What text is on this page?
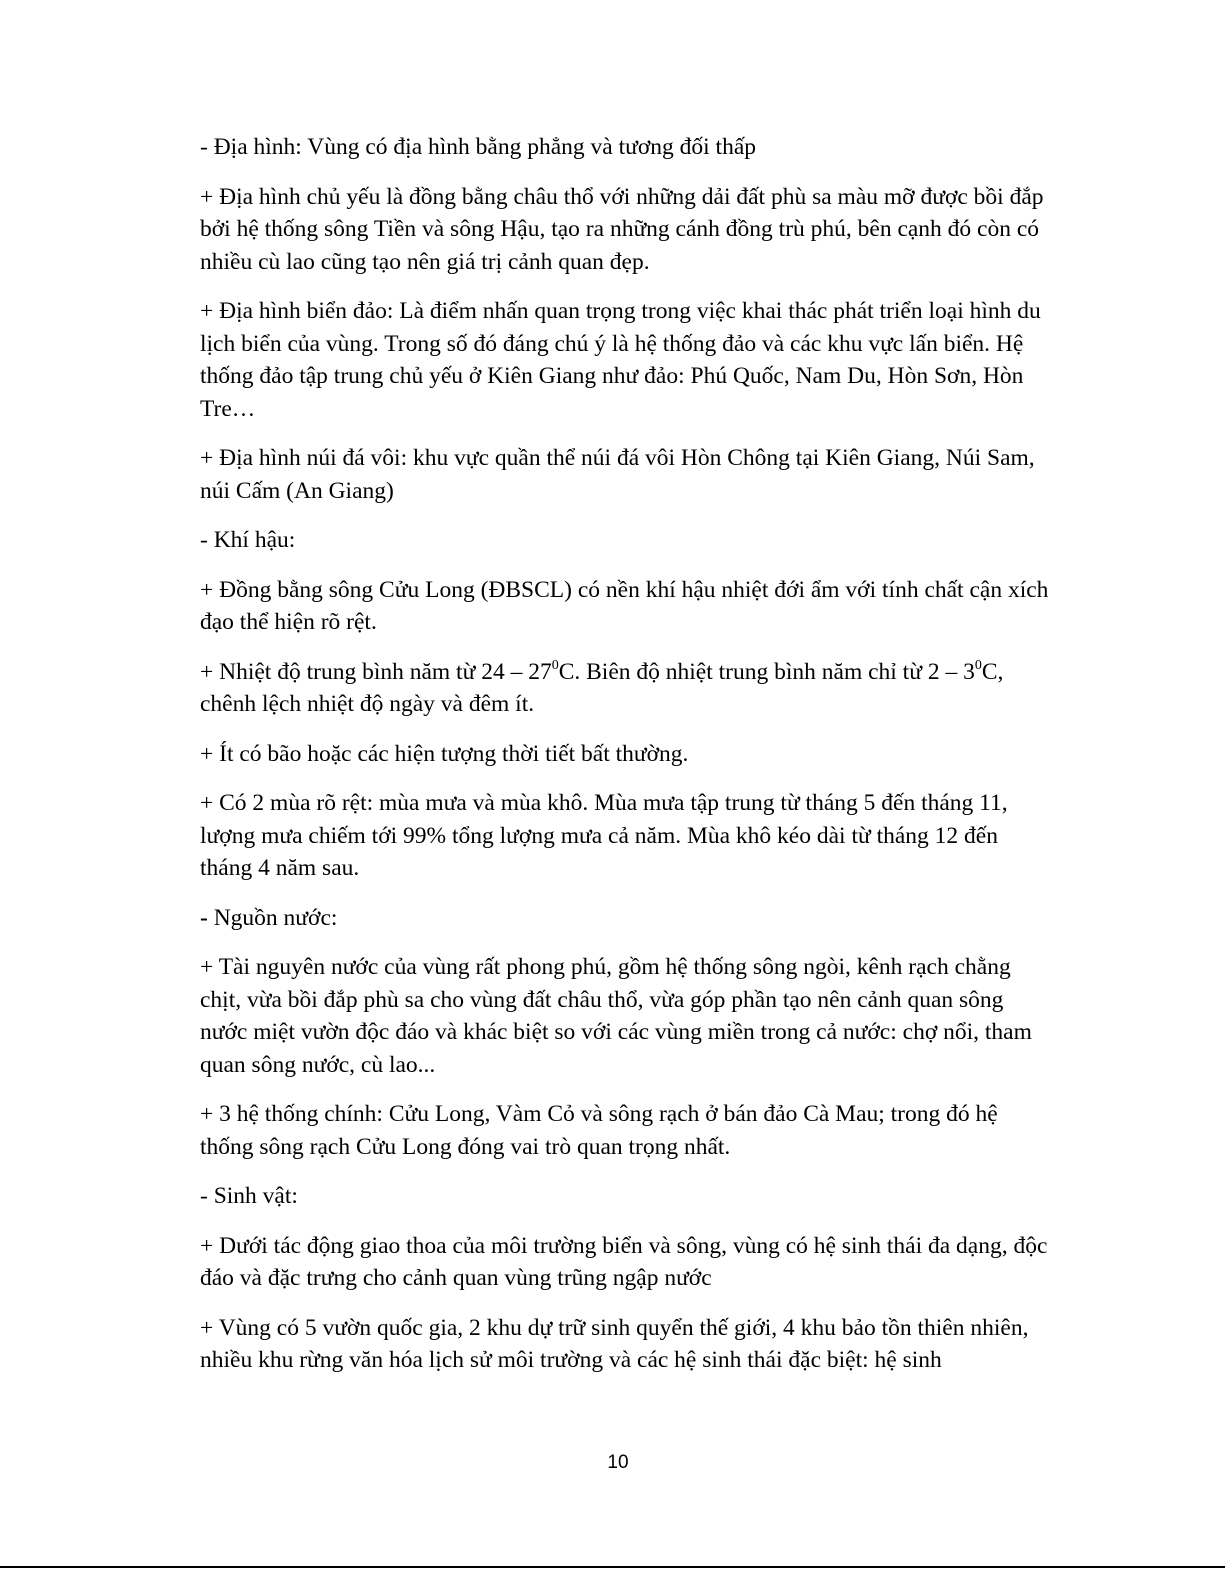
- Địa hình: Vùng có địa hình bằng phẳng và tương đối thấp

+ Địa hình chủ yếu là đồng bằng châu thổ với những dải đất phù sa màu mỡ được bồi đắp bởi hệ thống sông Tiền và sông Hậu, tạo ra những cánh đồng trù phú, bên cạnh đó còn có nhiều cù lao cũng tạo nên giá trị cảnh quan đẹp.

+ Địa hình biển đảo: Là điểm nhấn quan trọng trong việc khai thác phát triển loại hình du lịch biển của vùng. Trong số đó đáng chú ý là hệ thống đảo và các khu vực lấn biển. Hệ thống đảo tập trung chủ yếu ở Kiên Giang như đảo: Phú Quốc, Nam Du, Hòn Sơn, Hòn Tre…

+ Địa hình núi đá vôi: khu vực quần thể núi đá vôi Hòn Chông tại Kiên Giang, Núi Sam, núi Cấm (An Giang)

- Khí hậu:

+ Đồng bằng sông Cửu Long (ĐBSCL) có nền khí hậu nhiệt đới ẩm với tính chất cận xích đạo thể hiện rõ rệt.

+ Nhiệt độ trung bình năm từ $24 - 27^0C$. Biên độ nhiệt trung bình năm chỉ từ $2 - 3^0C$, chênh lệch nhiệt độ ngày và đêm ít.

+ Ít có bão hoặc các hiện tượng thời tiết bất thường.

+ Có 2 mùa rõ rệt: mùa mưa và mùa khô. Mùa mưa tập trung từ tháng 5 đến tháng 11, lượng mưa chiếm tới 99% tổng lượng mưa cả năm. Mùa khô kéo dài từ tháng 12 đến tháng 4 năm sau.

- Nguồn nước:

+ Tài nguyên nước của vùng rất phong phú, gồm hệ thống sông ngòi, kênh rạch chằng chịt, vừa bồi đắp phù sa cho vùng đất châu thổ, vừa góp phần tạo nên cảnh quan sông nước miệt vườn độc đáo và khác biệt so với các vùng miền trong cả nước: chợ nổi, tham quan sông nước, cù lao...

+ 3 hệ thống chính: Cửu Long, Vàm Cỏ và sông rạch ở bán đảo Cà Mau; trong đó hệ thống sông rạch Cửu Long đóng vai trò quan trọng nhất.

- Sinh vật:

+ Dưới tác động giao thoa của môi trường biển và sông, vùng có hệ sinh thái đa dạng, độc đáo và đặc trưng cho cảnh quan vùng trũng ngập nước

+ Vùng có 5 vườn quốc gia, 2 khu dự trữ sinh quyển thế giới, 4 khu bảo tồn thiên nhiên, nhiều khu rừng văn hóa lịch sử môi trường và các hệ sinh thái đặc biệt: hệ sinh

10
